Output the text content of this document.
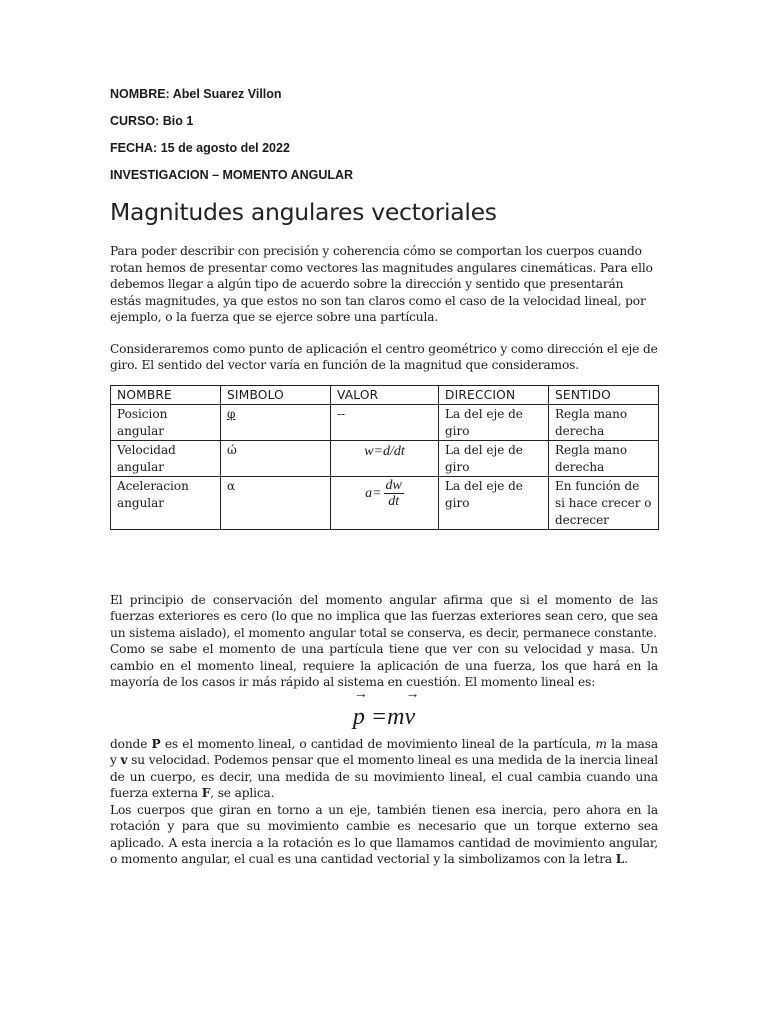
NOMBRE: Abel Suarez Villon

CURSO: Bio 1

FECHA: 15 de agosto del 2022

INVESTIGACION – MOMENTO ANGULAR

Magnitudes angulares vectoriales

Para poder describir con precisión y coherencia cómo se comportan los cuerpos cuando rotan hemos de presentar como vectores las magnitudes angulares cinemáticas. Para ello debemos llegar a algún tipo de acuerdo sobre la dirección y sentido que presentarán estás magnitudes, ya que estos no son tan claros como el caso de la velocidad lineal, por ejemplo, o la fuerza que se ejerce sobre una partícula.

Consideraremos como punto de aplicación el centro geométrico y como dirección el eje de giro. El sentido del vector varía en función de la magnitud que consideramos.

NOMBRE	SIMBOLO	VALOR	DIRECCION	SENTIDO
Posicion angular	φ	--	La del eje de giro	Regla mano derecha
Velocidad angular	ώ	w=d/dt	La del eje de giro	Regla mano derecha
Aceleracion angular	α	$a= \frac{dw}{dt}$	La del eje de giro	En función de si hace crecer o decrecer

El principio de conservación del momento angular afirma que si el momento de las fuerzas exteriores es cero (lo que no implica que las fuerzas exteriores sean cero, que sea un sistema aislado), el momento angular total se conserva, es decir, permanece constante.

Como se sabe el momento de una partícula tiene que ver con su velocidad y masa. Un cambio en el momento lineal, requiere la aplicación de una fuerza, los que hará en la mayoría de los casos ir más rápido al sistema en cuestión. El momento lineal es:

→ p =m→ v

donde P es el momento lineal, o cantidad de movimiento lineal de la partícula, m la masa y v su velocidad. Podemos pensar que el momento lineal es una medida de la inercia lineal de un cuerpo, es decir, una medida de su movimiento lineal, el cual cambia cuando una fuerza externa F, se aplica.

Los cuerpos que giran en torno a un eje, también tienen esa inercia, pero ahora en la rotación y para que su movimiento cambie es necesario que un torque externo sea aplicado. A esta inercia a la rotación es lo que llamamos cantidad de movimiento angular, o momento angular, el cual es una cantidad vectorial y la simbolizamos con la letra L.
